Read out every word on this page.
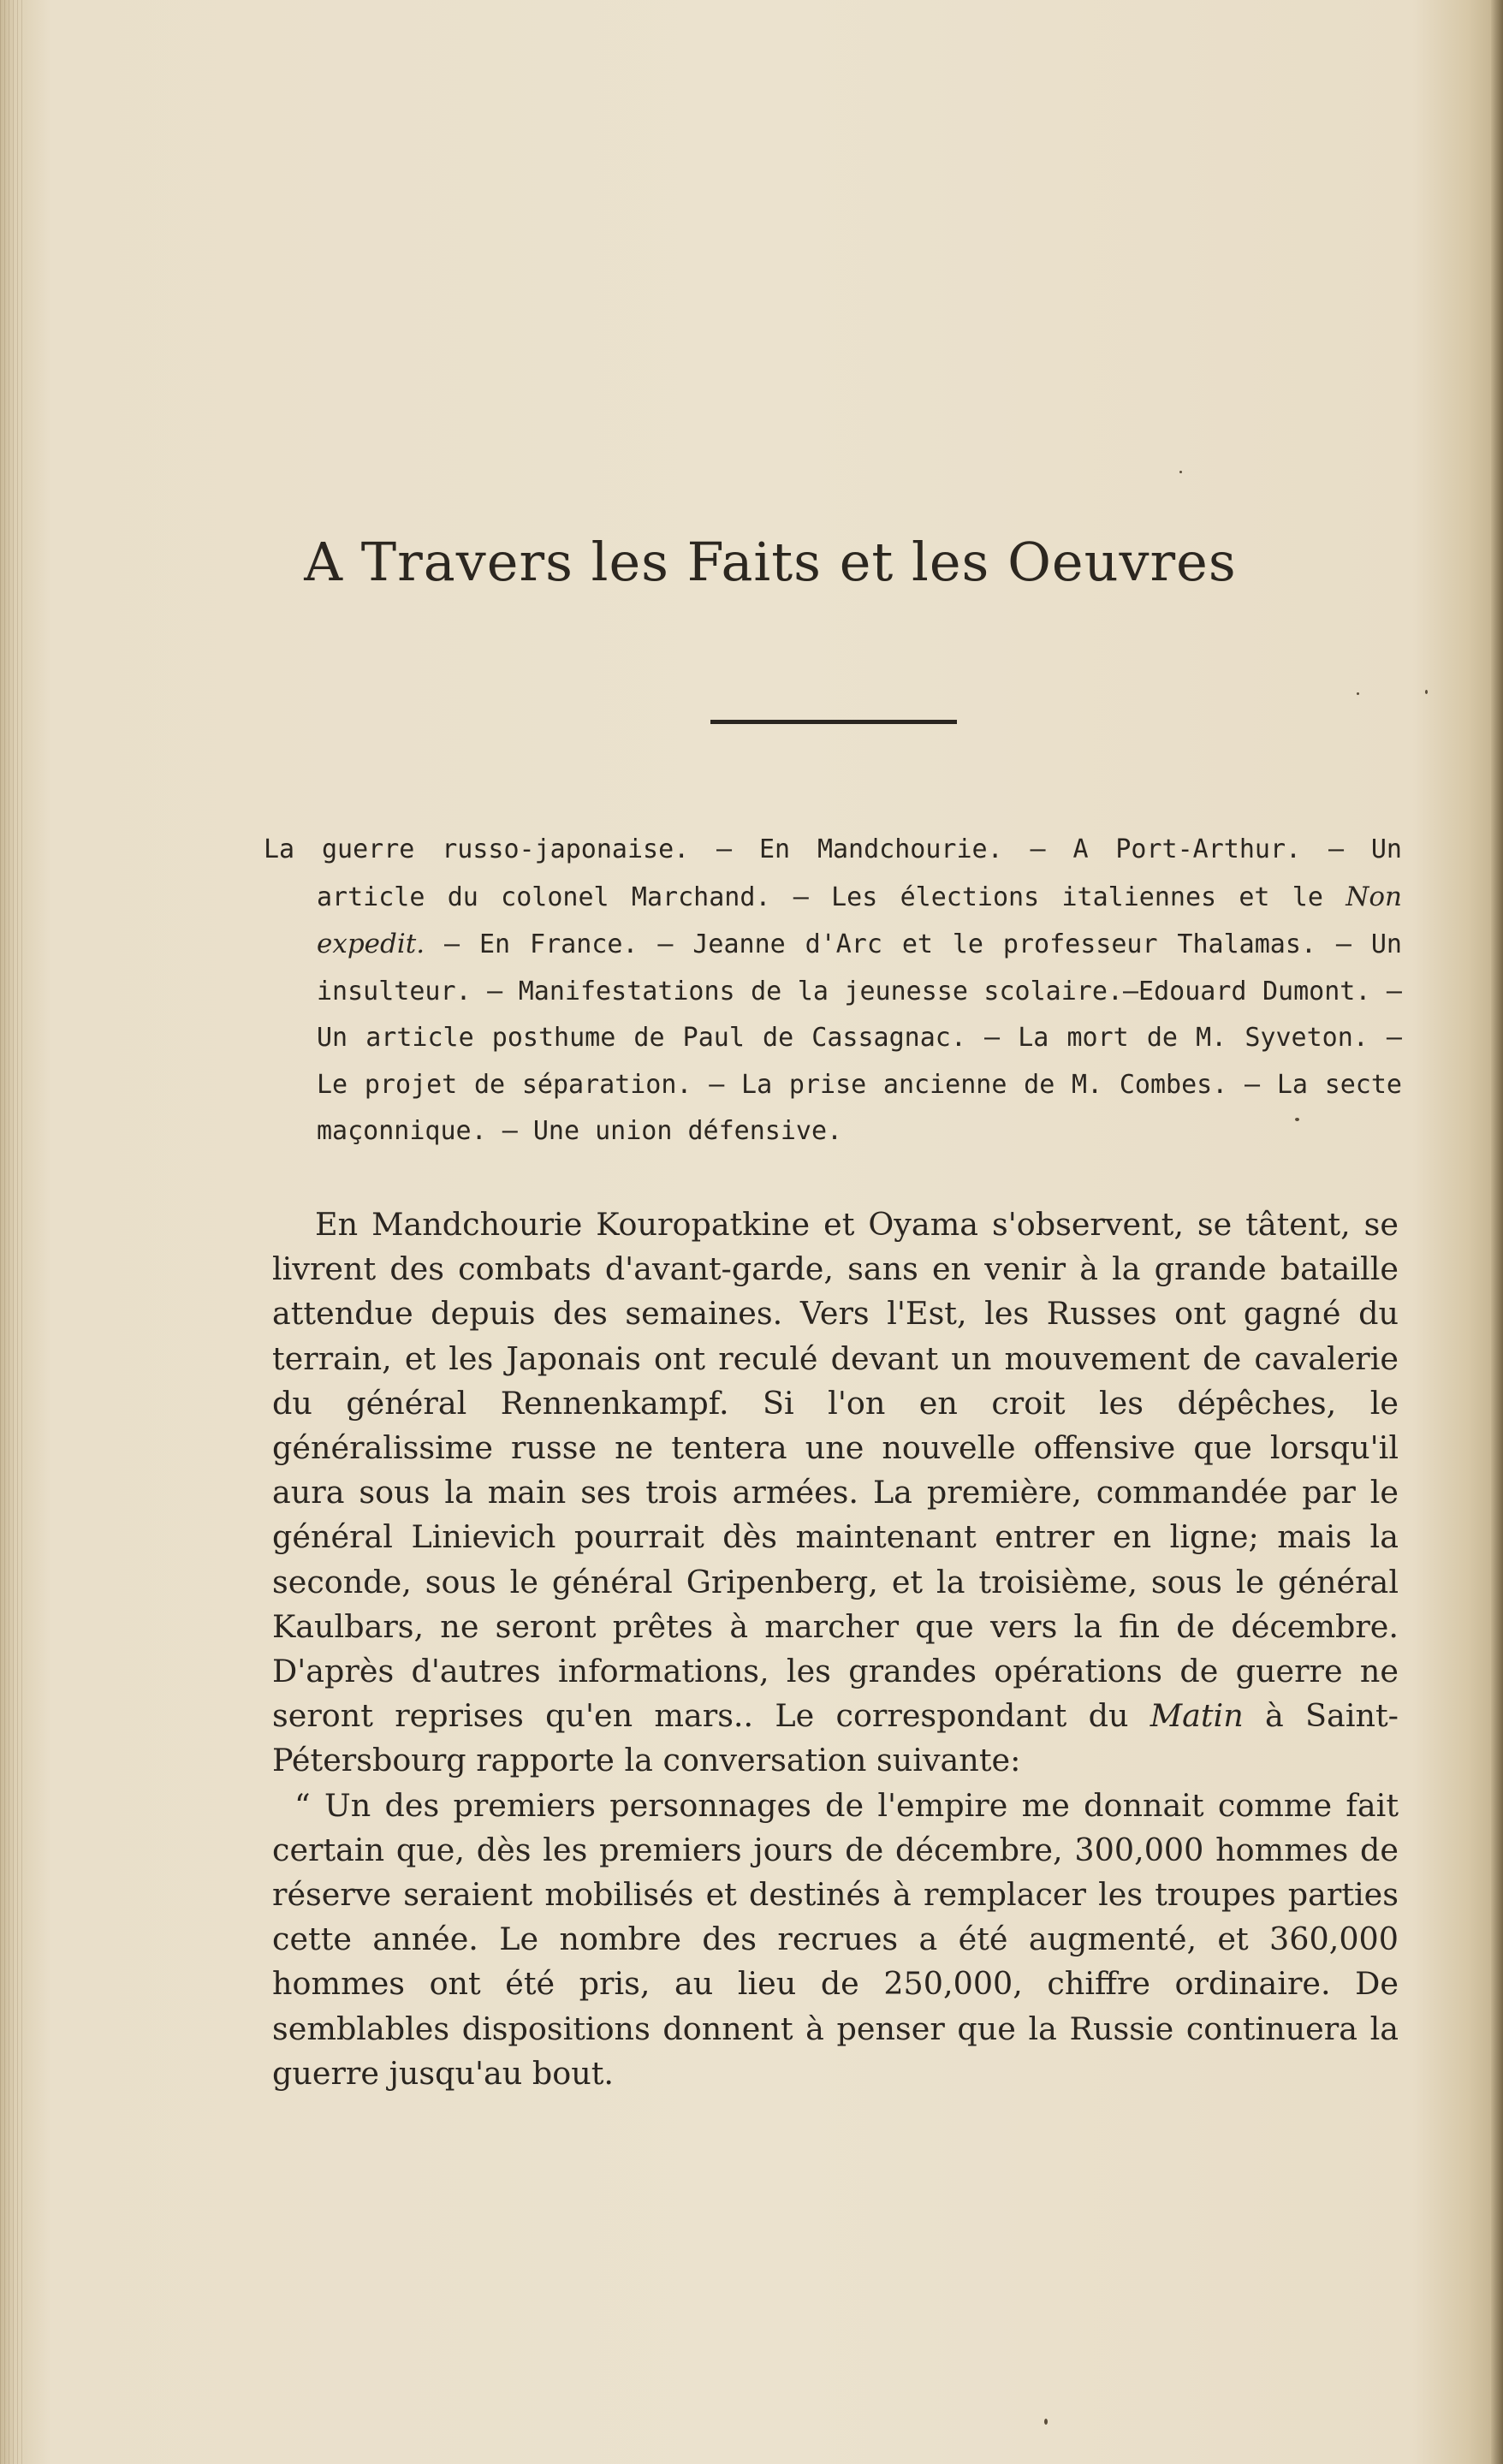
A Travers les Faits et les Oeuvres
La guerre russo-japonaise. — En Mandchourie. — A Port-Arthur. — Un article du colonel Marchand. — Les élections italiennes et le Non expedit. — En France. — Jeanne d'Arc et le professeur Thalamas. — Un insulteur. — Manifestations de la jeunesse scolaire.—Edouard Dumont. — Un article posthume de Paul de Cassagnac. — La mort de M. Syveton. — Le projet de séparation. — La prise ancienne de M. Combes. — La secte maçonnique. — Une union défensive.

En Mandchourie Kouropatkine et Oyama s'observent, se tâtent, se livrent des combats d'avant-garde, sans en venir à la grande bataille attendue depuis des semaines. Vers l'Est, les Russes ont gagné du terrain, et les Japonais ont reculé devant un mouvement de cavalerie du général Rennenkampf. Si l'on en croit les dépêches, le généralissime russe ne tentera une nouvelle offensive que lorsqu'il aura sous la main ses trois armées. La première, commandée par le général Linievich pourrait dès maintenant entrer en ligne; mais la seconde, sous le général Gripenberg, et la troisième, sous le général Kaulbars, ne seront prêtes à marcher que vers la fin de décembre. D'après d'autres informations, les grandes opérations de guerre ne seront reprises qu'en mars.. Le correspondant du Matin à Saint-Pétersbourg rapporte la conversation suivante:

“ Un des premiers personnages de l'empire me donnait comme fait certain que, dès les premiers jours de décembre, 300,000 hommes de réserve seraient mobilisés et destinés à remplacer les troupes parties cette année. Le nombre des recrues a été augmenté, et 360,000 hommes ont été pris, au lieu de 250,000, chiffre ordinaire. De semblables dispositions donnent à penser que la Russie continuera la guerre jusqu'au bout.
